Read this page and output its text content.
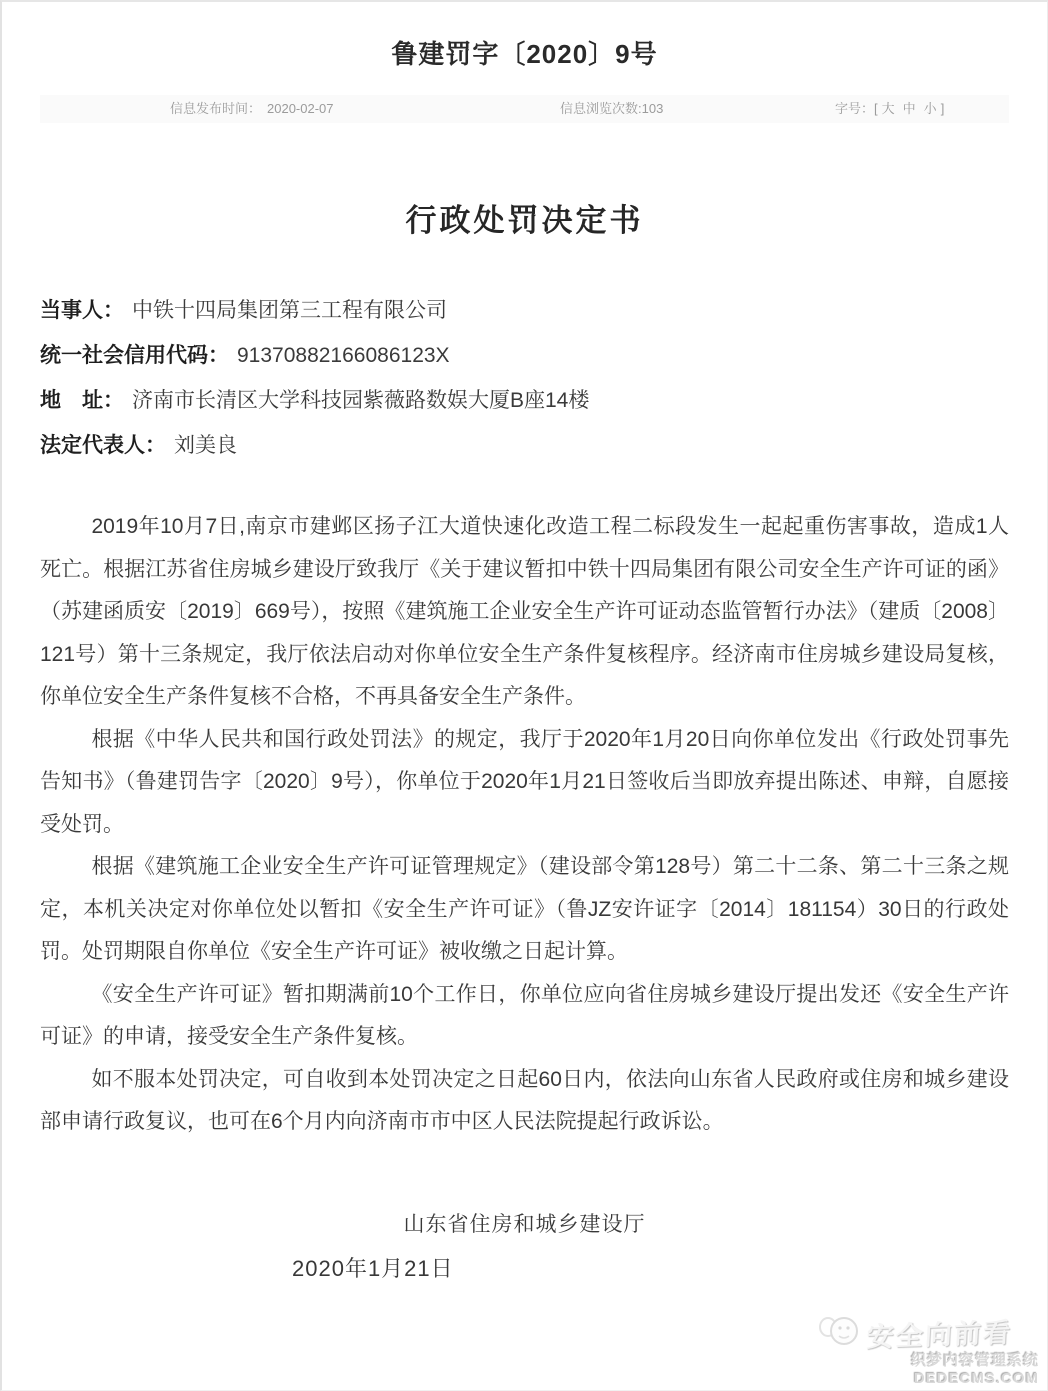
鲁建罚字〔2020〕9号
信息发布时间： 2020-02-07	信息浏览次数:103	字号：[ 大 中 小 ]
行政处罚决定书
当事人： 中铁十四局集团第三工程有限公司
统一社会信用代码： 91370882166086123X
地　址： 济南市长清区大学科技园紫薇路数娱大厦B座14楼
法定代表人： 刘美良

2019年10月7日,南京市建邺区扬子江大道快速化改造工程二标段发生一起起重伤害事故，造成1人死亡。根据江苏省住房城乡建设厅致我厅《关于建议暂扣中铁十四局集团有限公司安全生产许可证的函》（苏建函质安〔2019〕669号），按照《建筑施工企业安全生产许可证动态监管暂行办法》（建质〔2008〕121号）第十三条规定，我厅依法启动对你单位安全生产条件复核程序。经济南市住房城乡建设局复核，你单位安全生产条件复核不合格，不再具备安全生产条件。

根据《中华人民共和国行政处罚法》的规定，我厅于2020年1月20日向你单位发出《行政处罚事先告知书》（鲁建罚告字〔2020〕9号），你单位于2020年1月21日签收后当即放弃提出陈述、申辩，自愿接受处罚。

根据《建筑施工企业安全生产许可证管理规定》（建设部令第128号）第二十二条、第二十三条之规定，本机关决定对你单位处以暂扣《安全生产许可证》（鲁JZ安许证字〔2014〕181154）30日的行政处罚。处罚期限自你单位《安全生产许可证》被收缴之日起计算。

《安全生产许可证》暂扣期满前10个工作日，你单位应向省住房城乡建设厅提出发还《安全生产许可证》的申请，接受安全生产条件复核。

如不服本处罚决定，可自收到本处罚决定之日起60日内，依法向山东省人民政府或住房和城乡建设部申请行政复议，也可在6个月内向济南市市中区人民法院提起行政诉讼。

山东省住房和城乡建设厅
2020年1月21日
安全向前看
织梦内容管理系统
DEDECMS.COM
